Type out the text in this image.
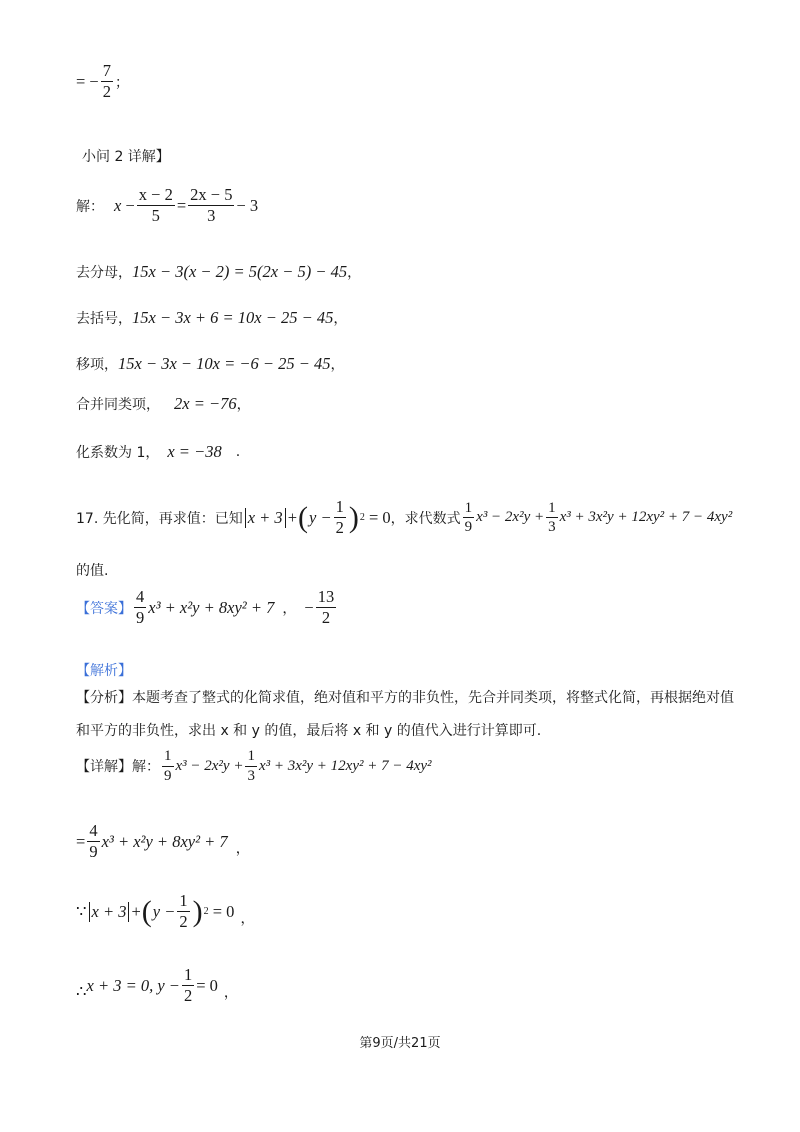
= − $\frac{7}{2}$ ；
小问 2 详解】
解： x
− $\frac{x - 2}{5} = \frac{2x - 5}{3} - 3$
去分母， 15x − 3(x − 2) = 5(2x − 5) − 45 ，
去括号， 15x − 3x + 6 = 10x − 25 − 45 ，
移项， 15x − 3x − 10x = −6 − 25 − 45 ，
合并同类项， 2x = −76 ，
化系数为 1， x = −38 .
17. 先化简，再求值：已知 x + 3 + ( $y - \frac{1}{2}$ ) 2
= 0 ，求代数式 $\frac{1}{9} x^3 - 2x^2y + \frac{1}{3} x^3 + 3x^2y + 12xy^2 + 7 - 4xy^2$
的值.
【答案】 $\frac{4}{9} x^3 + x^2y + 8xy^2 + 7$ ， − $\frac{13}{2}$
【解析】
【分析】本题考查了整式的化简求值，绝对值和平方的非负性，先合并同类项，将整式化简，再根据绝对值和平方的非负性，求出 x 和 y 的值，最后将 x 和 y 的值代入进行计算即可.
【详解】解： $\frac{1}{9} x^3 - 2x^2y + \frac{1}{3} x^3 + 3x^2y + 12xy^2 + 7 - 4xy^2$
= $\frac{4}{9} x^3 + x^2y + 8xy^2 + 7$ ，
∵ x + 3 + ( $y - \frac{1}{2}$ ) 2
= 0 ，
∴ x + 3 = 0, $y - \frac{1}{2} = 0$ ，
第9页/共21页
